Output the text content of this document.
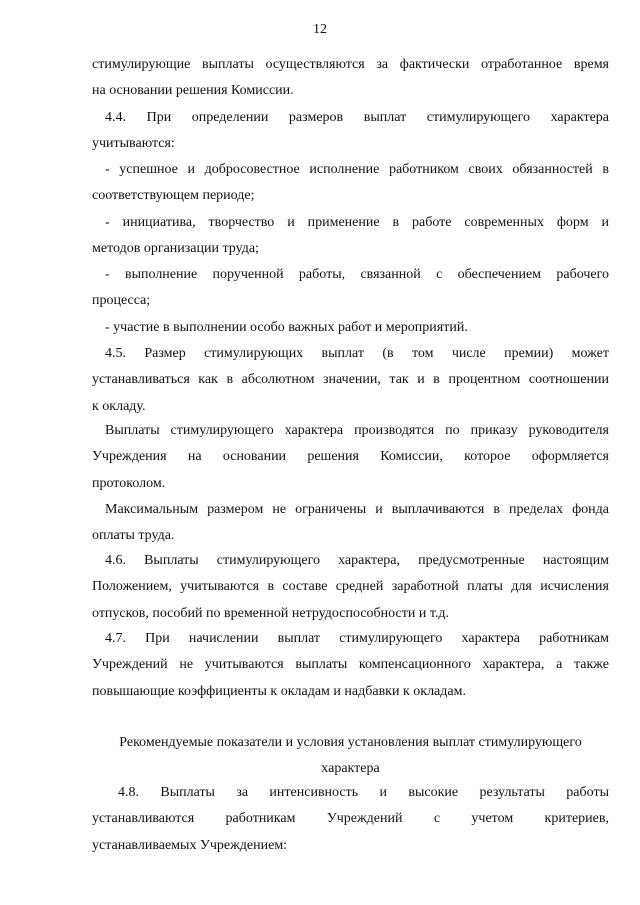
12
стимулирующие выплаты осуществляются за фактически отработанное время
на основании решения Комиссии.
4.4. При определении размеров выплат стимулирующего характера
учитываются:
- успешное и добросовестное исполнение работником своих обязанностей в
соответствующем периоде;
- инициатива, творчество и применение в работе современных форм и
методов организации труда;
- выполнение порученной работы, связанной с обеспечением рабочего
процесса;
- участие в выполнении особо важных работ и мероприятий.
4.5. Размер стимулирующих выплат (в том числе премии) может
устанавливаться как в абсолютном значении, так и в процентном соотношении
к окладу.
Выплаты стимулирующего характера производятся по приказу руководителя
Учреждения на основании решения Комиссии, которое оформляется
протоколом.
Максимальным размером не ограничены и выплачиваются в пределах фонда
оплаты труда.
4.6. Выплаты стимулирующего характера, предусмотренные настоящим
Положением, учитываются в составе средней заработной платы для исчисления
отпусков, пособий по временной нетрудоспособности и т.д.
4.7. При начислении выплат стимулирующего характера работникам
Учреждений не учитываются выплаты компенсационного характера, а также
повышающие коэффициенты к окладам и надбавки к окладам.
Рекомендуемые показатели и условия установления выплат стимулирующего
характера
4.8. Выплаты за интенсивность и высокие результаты работы
устанавливаются работникам Учреждений с учетом критериев,
устанавливаемых Учреждением:
